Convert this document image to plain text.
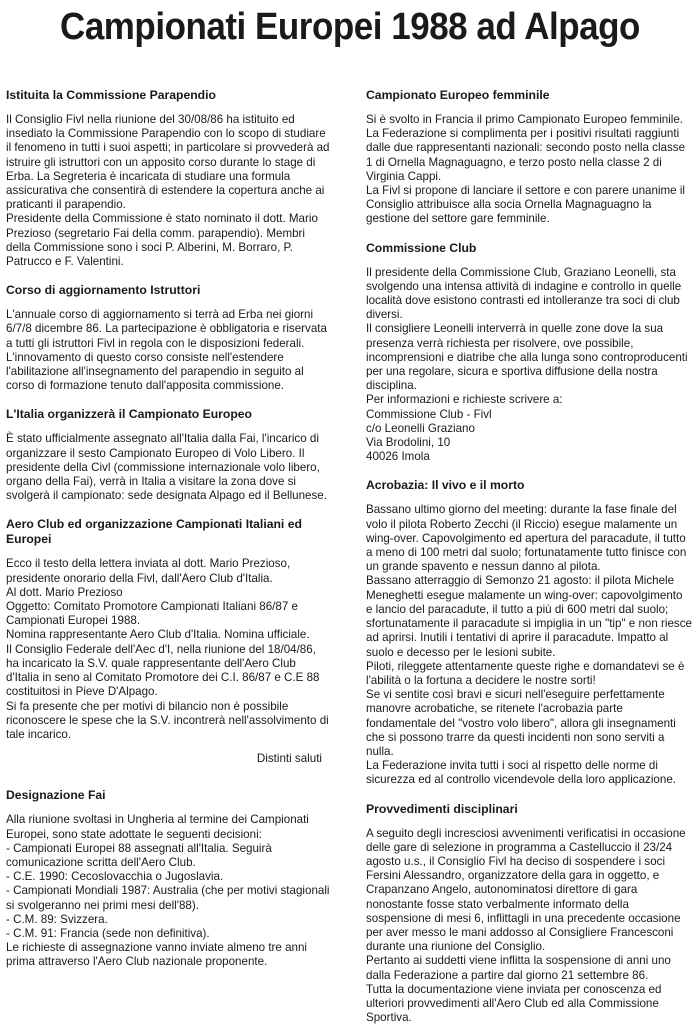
Campionati Europei 1988 ad Alpago

Istituita la Commissione Parapendio

Il Consiglio Fivl nella riunione del 30/08/86 ha istituito ed insediato la Commissione Parapendio con lo scopo di studiare il fenomeno in tutti i suoi aspetti; in particolare si provvederà ad istruire gli istruttori con un apposito corso durante lo stage di Erba. La Segreteria è incaricata di studiare una formula assicurativa che consentirà di estendere la copertura anche ai praticanti il parapendio.

Presidente della Commissione è stato nominato il dott. Mario Prezioso (segretario Fai della comm. parapendio). Membri della Commissione sono i soci P. Alberini, M. Borraro, P. Patrucco e F. Valentini.

Corso di aggiornamento Istruttori

L'annuale corso di aggiornamento si terrà ad Erba nei giorni 6/7/8 dicembre 86. La partecipazione è obbligatoria e riservata a tutti gli istruttori Fivl in regola con le disposizioni federali.

L'innovamento di questo corso consiste nell'estendere l'abilitazione all'insegnamento del parapendio in seguito al corso di formazione tenuto dall'apposita commissione.

L'Italia organizzerà il Campionato Europeo

È stato ufficialmente assegnato all'Italia dalla Fai, l'incarico di organizzare il sesto Campionato Europeo di Volo Libero. Il presidente della Civl (commissione internazionale volo libero, organo della Fai), verrà in Italia a visitare la zona dove si svolgerà il campionato: sede designata Alpago ed il Bellunese.

Aero Club ed organizzazione Campionati Italiani ed Europei

Ecco il testo della lettera inviata al dott. Mario Prezioso, presidente onorario della Fivl, dall'Aero Club d'Italia.

Al dott. Mario Prezioso

Oggetto: Comitato Promotore Campionati Italiani 86/87 e Campionati Europei 1988.

Nomina rappresentante Aero Club d'Italia. Nomina ufficiale.

Il Consiglio Federale dell'Aec d'I, nella riunione del 18/04/86, ha incaricato la S.V. quale rappresentante dell'Aero Club d'Italia in seno al Comitato Promotore dei C.I. 86/87 e C.E 88 costituitosi in Pieve D'Alpago.

Si fa presente che per motivi di bilancio non è possibile riconoscere le spese che la S.V. incontrerà nell'assolvimento di tale incarico.

Distinti saluti

Designazione Fai

Alla riunione svoltasi in Ungheria al termine dei Campionati Europei, sono state adottate le seguenti decisioni:

- Campionati Europei 88 assegnati all'Italia. Seguirà comunicazione scritta dell'Aero Club.

- C.E. 1990: Cecoslovacchia o Jugoslavia.

- Campionati Mondiali 1987: Australia (che per motivi stagionali si svolgeranno nei primi mesi dell'88).

- C.M. 89: Svizzera.

- C.M. 91: Francia (sede non definitiva).

Le richieste di assegnazione vanno inviate almeno tre anni prima attraverso l'Aero Club nazionale proponente.

Campionato Europeo femminile

Si è svolto in Francia il primo Campionato Europeo femminile. La Federazione si complimenta per i positivi risultati raggiunti dalle due rappresentanti nazionali: secondo posto nella classe 1 di Ornella Magnaguagno, e terzo posto nella classe 2 di Virginia Cappi.

La Fivl si propone di lanciare il settore e con parere unanime il Consiglio attribuisce alla socia Ornella Magnaguagno la gestione del settore gare femminile.

Commissione Club

Il presidente della Commissione Club, Graziano Leonelli, sta svolgendo una intensa attività di indagine e controllo in quelle località dove esistono contrasti ed intolleranze tra soci di club diversi.

Il consigliere Leonelli interverrà in quelle zone dove la sua presenza verrà richiesta per risolvere, ove possibile, incomprensioni e diatribe che alla lunga sono controproducenti per una regolare, sicura e sportiva diffusione della nostra disciplina.

Per informazioni e richieste scrivere a:

Commissione Club - Fivl

c/o Leonelli Graziano

Via Brodolini, 10

40026 Imola

Acrobazia: Il vivo e il morto

Bassano ultimo giorno del meeting: durante la fase finale del volo il pilota Roberto Zecchi (il Riccio) esegue malamente un wing-over. Capovolgimento ed apertura del paracadute, il tutto a meno di 100 metri dal suolo; fortunatamente tutto finisce con un grande spavento e nessun danno al pilota.

Bassano atterraggio di Semonzo 21 agosto: il pilota Michele Meneghetti esegue malamente un wing-over: capovolgimento e lancio del paracadute, il tutto a più di 600 metri dal suolo; sfortunatamente il paracadute si impiglia in un "tip" e non riesce ad aprirsi. Inutili i tentativi di aprire il paracadute. Impatto al suolo e decesso per le lesioni subite.

Piloti, rileggete attentamente queste righe e domandatevi se è l'abilità o la fortuna a decidere le nostre sorti!

Se vi sentite così bravi e sicuri nell'eseguire perfettamente manovre acrobatiche, se ritenete l'acrobazia parte fondamentale del "vostro volo libero", allora gli insegnamenti che si possono trarre da questi incidenti non sono serviti a nulla.

La Federazione invita tutti i soci al rispetto delle norme di sicurezza ed al controllo vicendevole della loro applicazione.

Provvedimenti disciplinari

A seguito degli incresciosi avvenimenti verificatisi in occasione delle gare di selezione in programma a Castelluccio il 23/24 agosto u.s., il Consiglio Fivl ha deciso di sospendere i soci Fersini Alessandro, organizzatore della gara in oggetto, e Crapanzano Angelo, autonominatosi direttore di gara nonostante fosse stato verbalmente informato della sospensione di mesi 6, inflittagli in una precedente occasione per aver messo le mani addosso al Consigliere Francesconi durante una riunione del Consiglio.

Pertanto ai suddetti viene inflitta la sospensione di anni uno dalla Federazione a partire dal giorno 21 settembre 86.

Tutta la documentazione viene inviata per conoscenza ed ulteriori provvedimenti all'Aero Club ed alla Commissione Sportiva.
